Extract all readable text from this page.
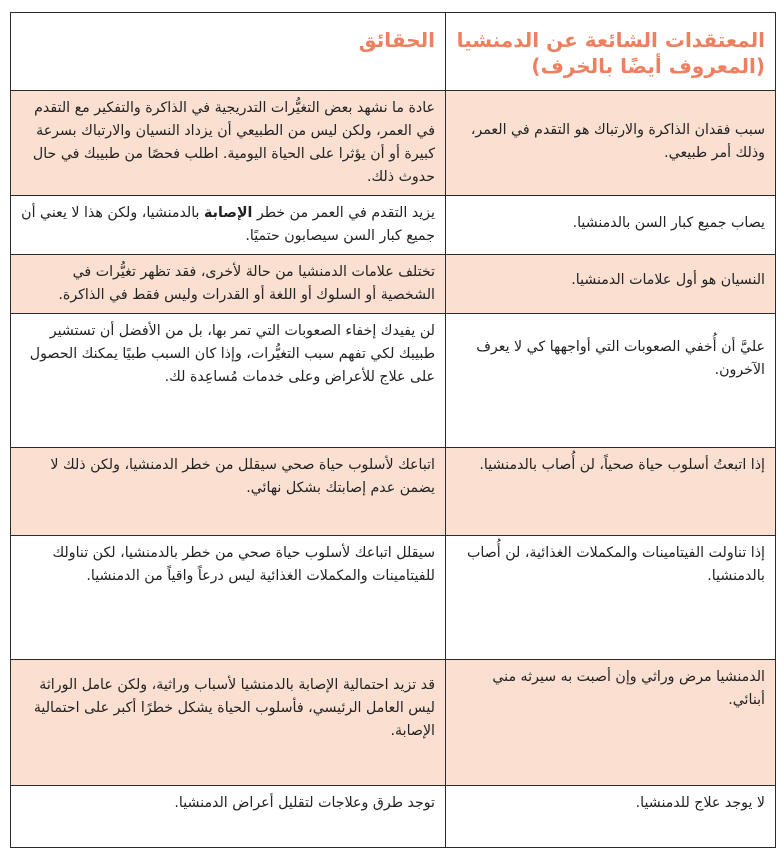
المعتقدات الشائعة عن الدمنشيا (المعروف أيضًا بالخرف)	الحقائق
سبب فقدان الذاكرة والارتباك هو التقدم في العمر، وذلك أمر طبيعي.	عادة ما نشهد بعض التغيُّرات التدريجية في الذاكرة والتفكير مع التقدم في العمر، ولكن ليس من الطبيعي أن يزداد النسيان والارتباك بسرعة كبيرة أو أن يؤثرا على الحياة اليومية. اطلب فحصًا من طبيبك في حال حدوث ذلك.
يصاب جميع كبار السن بالدمنشيا.	يزيد التقدم في العمر من خطر الإصابة بالدمنشيا، ولكن هذا لا يعني أن جميع كبار السن سيصابون حتميًا.
النسيان هو أول علامات الدمنشيا.	تختلف علامات الدمنشيا من حالة لأخرى، فقد تظهر تغيُّرات في الشخصية أو السلوك أو اللغة أو القدرات وليس فقط في الذاكرة.
عليَّ أن أُخفي الصعوبات التي أواجهها كي لا يعرف الآخرون.	لن يفيدك إخفاء الصعوبات التي تمر بها، بل من الأفضل أن تستشير طبيبك لكي تفهم سبب التغيُّرات، وإذا كان السبب طبيًا يمكنك الحصول على علاج للأعراض وعلى خدمات مُساعِدة لك.
إذا اتبعتُ أسلوب حياة صحياً، لن أُصاب بالدمنشيا.	اتباعك لأسلوب حياة صحي سيقلل من خطر الدمنشيا، ولكن ذلك لا يضمن عدم إصابتك بشكل نهائي.
إذا تناولت الفيتامينات والمكملات الغذائية، لن أُصاب بالدمنشيا.	سيقلل اتباعك لأسلوب حياة صحي من خطر بالدمنشيا، لكن تناولك للفيتامينات والمكملات الغذائية ليس درعاً واقياً من الدمنشيا.
الدمنشيا مرض وراثي وإن أصبت به سيرثه مني أبنائي.	قد تزيد احتمالية الإصابة بالدمنشيا لأسباب وراثية، ولكن عامل الوراثة ليس العامل الرئيسي، فأسلوب الحياة يشكل خطرًا أكبر على احتمالية الإصابة.
لا يوجد علاج للدمنشيا.	توجد طرق وعلاجات لتقليل أعراض الدمنشيا.
